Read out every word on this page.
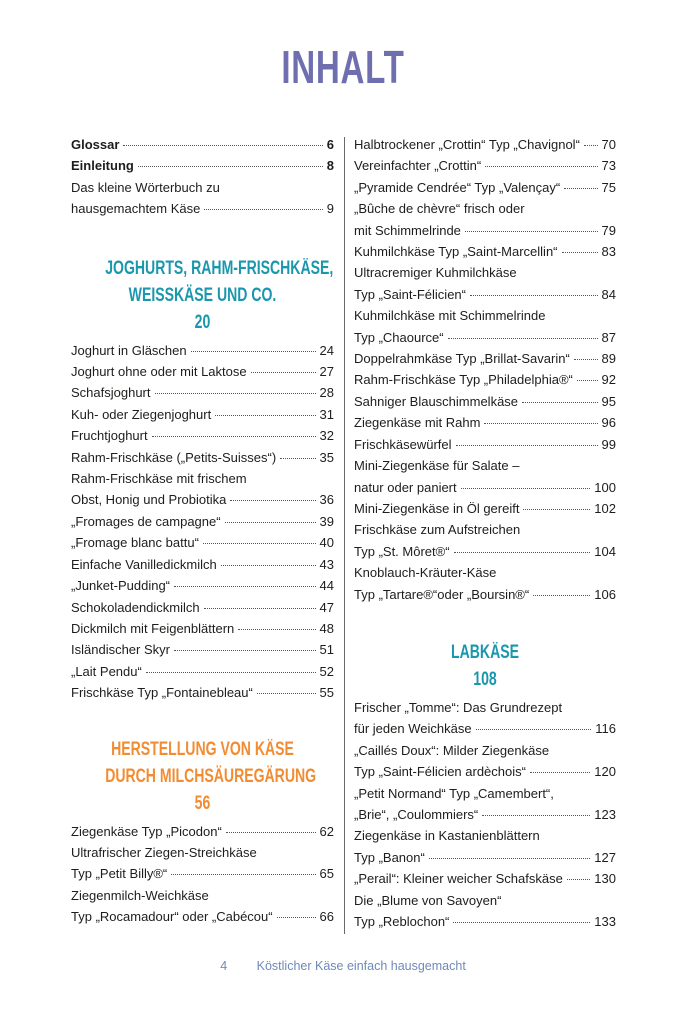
INHALT
Glossar	6
Einleitung	8
Das kleine Wörterbuch zu
hausgemachtem Käse	9
JOGHURTS, RAHM-FRISCHKÄSE,
WEISSKÄSE UND CO.
20
Joghurt in Gläschen	24
Joghurt ohne oder mit Laktose	27
Schafsjoghurt	28
Kuh- oder Ziegenjoghurt	31
Fruchtjoghurt	32
Rahm-Frischkäse („Petits-Suisses“)	35
Rahm-Frischkäse mit frischem
Obst, Honig und Probiotika	36
„Fromages de campagne“	39
„Fromage blanc battu“	40
Einfache Vanilledickmilch	43
„Junket-Pudding“	44
Schokoladendickmilch	47
Dickmilch mit Feigenblättern	48
Isländischer Skyr	51
„Lait Pendu“	52
Frischkäse Typ „Fontainebleau“	55
HERSTELLUNG VON KÄSE
DURCH MILCHSÄUREGÄRUNG
56
Ziegenkäse Typ „Picodon“	62
Ultrafrischer Ziegen-Streichkäse
Typ „Petit Billy®“	65
Ziegenmilch-Weichkäse
Typ „Rocamadour“ oder „Cabécou“	66
Halbtrockener „Crottin“ Typ „Chavignol“ 70
Vereinfachter „Crottin“	73
„Pyramide Cendrée“ Typ „Valençay“	75
„Bûche de chèvre“ frisch oder
mit Schimmelrinde	79
Kuhmilchkäse Typ „Saint-Marcellin“	83
Ultracremiger Kuhmilchkäse
Typ „Saint-Félicien“	84
Kuhmilchkäse mit Schimmelrinde
Typ „Chaource“	87
Doppelrahmkäse Typ „Brillat-Savarin“ 89
Rahm-Frischkäse Typ „Philadelphia®“ 92
Sahniger Blauschimmelkäse	95
Ziegenkäse mit Rahm	96
Frischkäsewürfel	99
Mini-Ziegenkäse für Salate –
natur oder paniert	100
Mini-Ziegenkäse in Öl gereift	102
Frischkäse zum Aufstreichen
Typ „St. Môret®“	104
Knoblauch-Kräuter-Käse
Typ „Tartare®“oder „Boursin®“	106
LABKÄSE
108
Frischer „Tomme“: Das Grundrezept
für jeden Weichkäse	116
„Caillés Doux“: Milder Ziegenkäse
Typ „Saint-Félicien ardèchois“	120
„Petit Normand“ Typ „Camembert“,
„Brie“, „Coulommiers“	123
Ziegenkäse in Kastanienblättern
Typ „Banon“	127
„Perail“: Kleiner weicher Schafskäse 130
Die „Blume von Savoyen“
Typ „Reblochon“	133
4 Köstlicher Käse einfach hausgemacht
